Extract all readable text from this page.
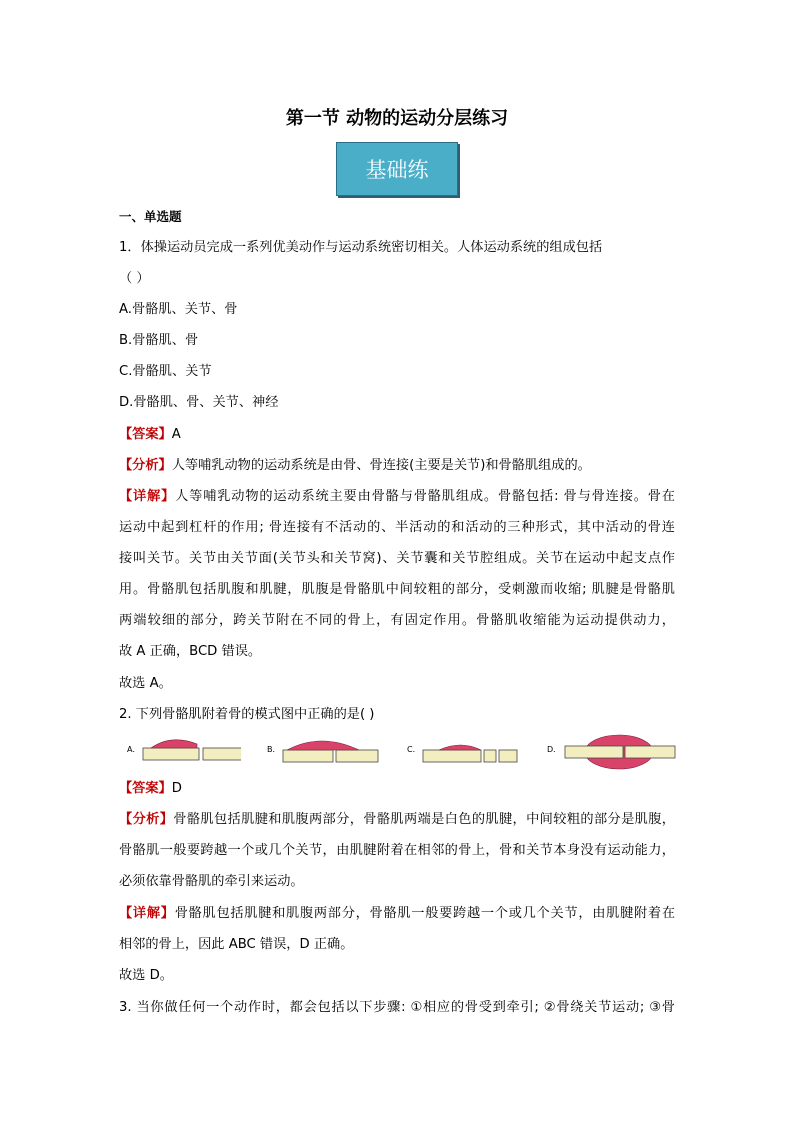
第一节 动物的运动分层练习
基础练
一、单选题
1．体操运动员完成一系列优美动作与运动系统密切相关。人体运动系统的组成包括
（ ）
A.骨骼肌、关节、骨
B.骨骼肌、骨
C.骨骼肌、关节
D.骨骼肌、骨、关节、神经
【答案】A
【分析】人等哺乳动物的运动系统是由骨、骨连接(主要是关节)和骨骼肌组成的。
【详解】人等哺乳动物的运动系统主要由骨骼与骨骼肌组成。骨骼包括: 骨与骨连接。骨在
运动中起到杠杆的作用; 骨连接有不活动的、半活动的和活动的三种形式，其中活动的骨连
接叫关节。关节由关节面(关节头和关节窝)、关节囊和关节腔组成。关节在运动中起支点作
用。骨骼肌包括肌腹和肌腱，肌腹是骨骼肌中间较粗的部分，受刺激而收缩; 肌腱是骨骼肌
两端较细的部分，跨关节附在不同的骨上，有固定作用。骨骼肌收缩能为运动提供动力，
故 A 正确，BCD 错误。
故选 A。
2. 下列骨骼肌附着骨的模式图中正确的是( )
A．	B．	C．	D．
【答案】D
【分析】骨骼肌包括肌腱和肌腹两部分，骨骼肌两端是白色的肌腱，中间较粗的部分是肌腹，
骨骼肌一般要跨越一个或几个关节，由肌腱附着在相邻的骨上，骨和关节本身没有运动能力，
必须依靠骨骼肌的牵引来运动。
【详解】骨骼肌包括肌腱和肌腹两部分，骨骼肌一般要跨越一个或几个关节，由肌腱附着在
相邻的骨上，因此 ABC 错误，D 正确。
故选 D。
3. 当你做任何一个动作时，都会包括以下步骤: ①相应的骨受到牵引; ②骨绕关节运动; ③骨
